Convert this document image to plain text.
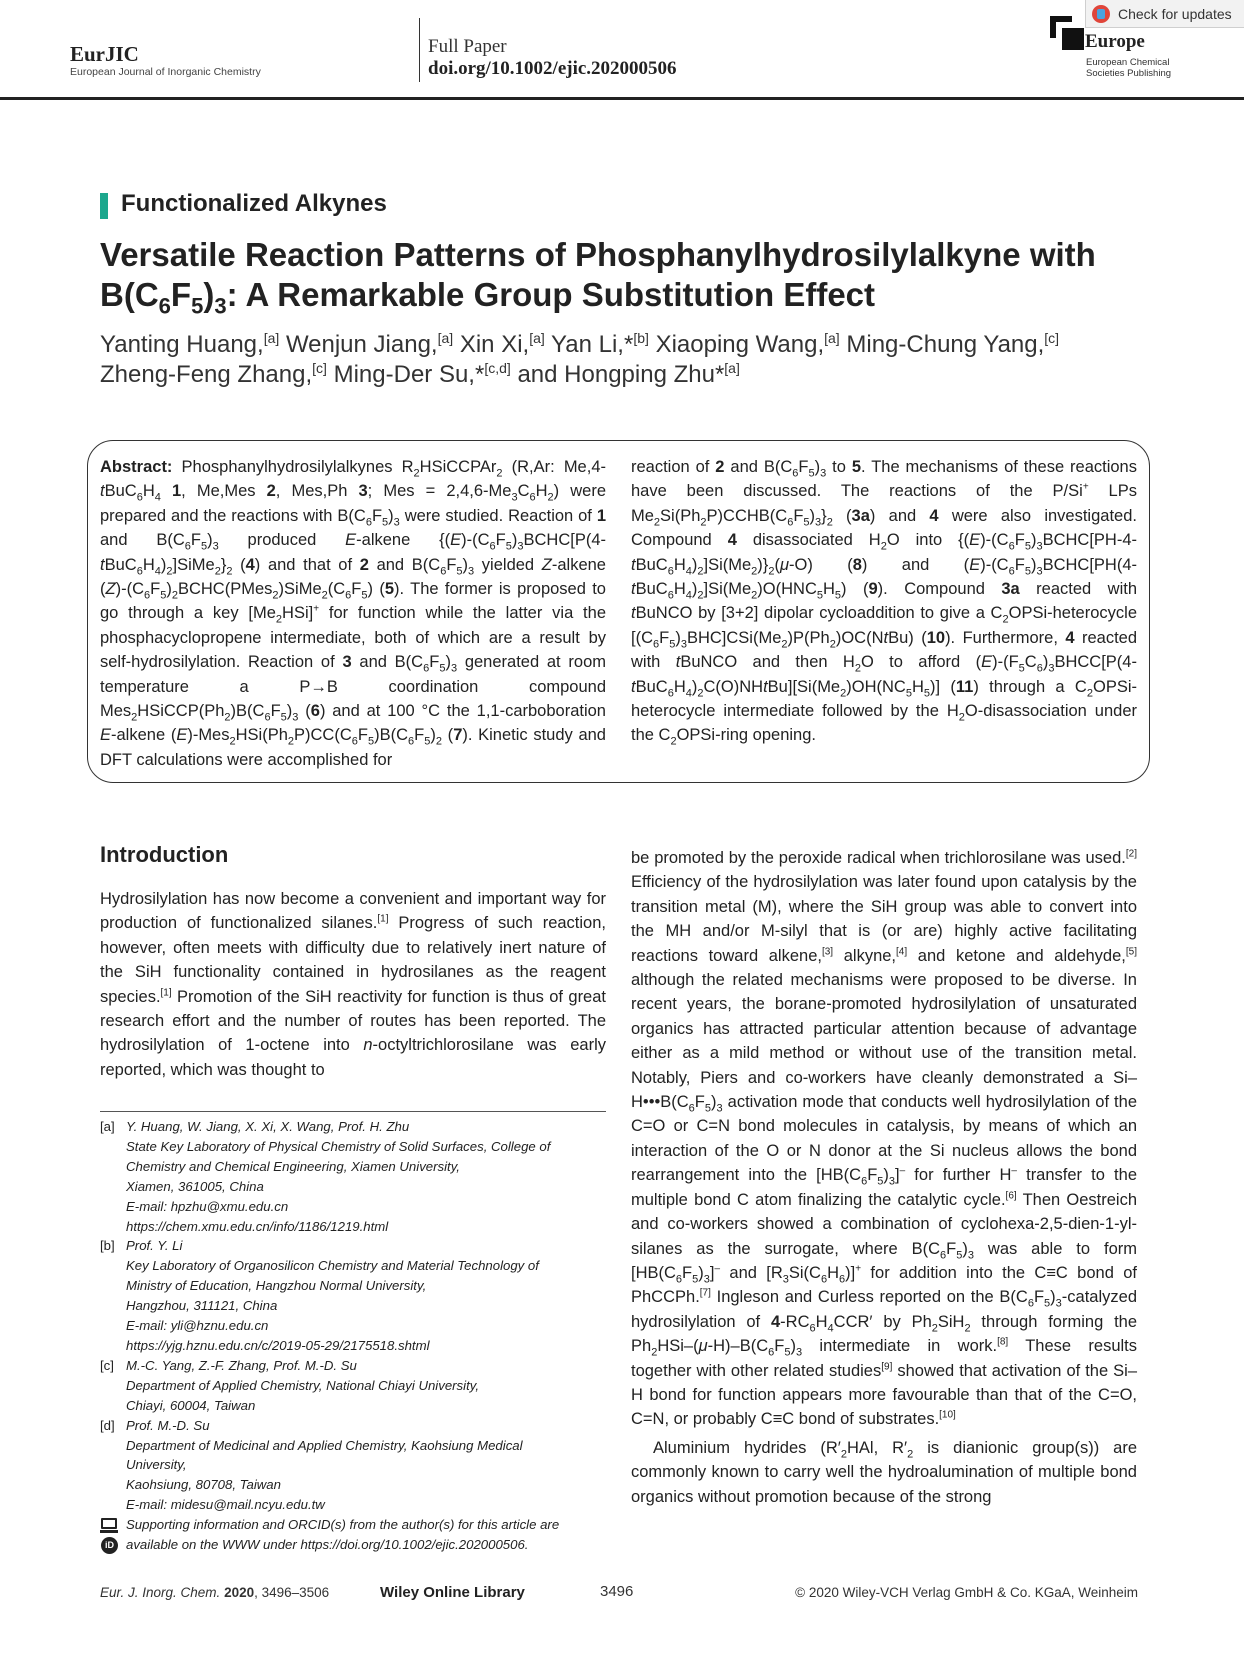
EurJIC
European Journal of Inorganic Chemistry
Full Paper
doi.org/10.1002/ejic.202000506
Europe
European Chemical
Societies Publishing
Check for updates
Functionalized Alkynes
Versatile Reaction Patterns of Phosphanylhydrosilylalkyne with
$B(C_6F_5)_3$: A Remarkable Group Substitution Effect
Yanting Huang,[a] Wenjun Jiang,[a] Xin Xi,[a] Yan Li,*[b] Xiaoping Wang,[a] Ming-Chung Yang,[c] Zheng-Feng Zhang,[c] Ming-Der Su,*[c,d] and Hongping Zhu*[a]
Abstract: Phosphanylhydrosilylalkynes $R_2HSiCCPAr_2$ (R,Ar: $Me,4-tBuC_6H_4$ 1, Me,Mes 2, Mes,Ph 3; Mes = $2,4,6-Me_3C_6H_2$) were prepared and the reactions with $B(C_6F_5)_3$ were studied. Reaction of 1 and $B(C_6F_5)_3$ produced E-alkene $\{(E)-(C_6F_5)_3BCHC[P(4-tBuC_6H_4)_2]SiMe_2\}_2$ (4) and that of 2 and $B(C_6F_5)_3$ yielded Z-alkene $(Z)-(C_6F_5)_2BCHC(PMes_2)SiMe_2(C_6F_5)$ (5). The former is proposed to go through a key $[Me_2HSi]^+$ for function while the latter via the phosphacyclopropene intermediate, both of which are a result by self-hydrosilylation. Reaction of 3 and $B(C_6F_5)_3$ generated at room temperature a P→B coordination compound $Mes_2HSiCCP(Ph_2)B(C_6F_5)_3$ (6) and at 100 °C the 1,1-carboboration E-alkene $(E)-Mes_2HSi(Ph_2P)CC(C_6F_5)B(C_6F_5)_2$ (7). Kinetic study and DFT calculations were accomplished for
reaction of 2 and $B(C_6F_5)_3$ to 5. The mechanisms of these reactions have been discussed. The reactions of the P/Si+ LPs $Me_2Si(Ph_2P)CCHB(C_6F_5)_3\}_2$ (3a) and 4 were also investigated. Compound 4 disassociated $H_2O$ into $\{(E)-(C_6F_5)_3BCHC[PH-4-tBuC_6H_4)_2]Si(Me_2)\}_2(\mu-O)$ (8) and $(E)-(C_6F_5)_3BCHC[PH(4-tBuC_6H_4)_2]Si(Me_2)O(HNC_5H_5)$ (9). Compound 3a reacted with tBuNCO by [3+2] dipolar cycloaddition to give a $C_2OPSi$-heterocycle $[(C_6F_5)_3BHC]CSi(Me_2)P(Ph_2)OC(NtBu)$ (10). Furthermore, 4 reacted with tBuNCO and then $H_2O$ to afford $(E)-(F_5C_6)_3BHCC[P(4-tBuC_6H_4)_2C(O)NHtBu][Si(Me_2)OH(NC_5H_5)]$ (11) through a $C_2OPSi$-heterocycle intermediate followed by the $H_2O$-disassociation under the $C_2OPSi$-ring opening.
Introduction
Hydrosilylation has now become a convenient and important way for production of functionalized silanes.[1] Progress of such reaction, however, often meets with difficulty due to relatively inert nature of the SiH functionality contained in hydrosilanes as the reagent species.[1] Promotion of the SiH reactivity for function is thus of great research effort and the number of routes has been reported. The hydrosilylation of 1-octene into n-octyltrichlorosilane was early reported, which was thought to

be promoted by the peroxide radical when trichlorosilane was used.[2] Efficiency of the hydrosilylation was later found upon catalysis by the transition metal (M), where the SiH group was able to convert into the MH and/or M-silyl that is (or are) highly active facilitating reactions toward alkene,[3] alkyne,[4] and ketone and aldehyde,[5] although the related mechanisms were proposed to be diverse. In recent years, the borane-promoted hydrosilylation of unsaturated organics has attracted particular attention because of advantage either as a mild method or without use of the transition metal. Notably, Piers and co-workers have cleanly demonstrated a $Si-H•••B(C_6F_5)_3$ activation mode that conducts well hydrosilylation of the C=O or C=N bond molecules in catalysis, by means of which an interaction of the O or N donor at the Si nucleus allows the bond rearrangement into the $[HB(C_6F_5)_3]^-$ for further H– transfer to the multiple bond C atom finalizing the catalytic cycle.[6] Then Oestreich and co-workers showed a combination of cyclohexa-2,5-dien-1-yl-silanes as the surrogate, where $B(C_6F_5)_3$ was able to form $[HB(C_6F_5)_3]^-$ and $[R_3Si(C_6H_6)]^+$ for addition into the C≡C bond of PhCCPh.[7] Ingleson and Curless reported on the $B(C_6F_5)_3$-catalyzed hydrosilylation of $4-RC_6H_4CCR'$ by $Ph_2SiH_2$ through forming the $Ph_2HSi-(\mu-H)-B(C_6F_5)_3$ intermediate in work.[8] These results together with other related studies[9] showed that activation of the Si–H bond for function appears more favourable than that of the C=O, C=N, or probably C≡C bond of substrates.[10]

Aluminium hydrides ($R'_2HAl$, $R'_2$ is dianionic group(s)) are commonly known to carry well the hydroalumination of multiple bond organics without promotion because of the strong

[a] Y. Huang, W. Jiang, X. Xi, X. Wang, Prof. H. Zhu
State Key Laboratory of Physical Chemistry of Solid Surfaces, College of
Chemistry and Chemical Engineering, Xiamen University,
Xiamen, 361005, China
E-mail: hpzhu@xmu.edu.cn
https://chem.xmu.edu.cn/info/1186/1219.html
[b] Prof. Y. Li
Key Laboratory of Organosilicon Chemistry and Material Technology of
Ministry of Education, Hangzhou Normal University,
Hangzhou, 311121, China
E-mail: yli@hznu.edu.cn
https://yjg.hznu.edu.cn/c/2019-05-29/2175518.shtml
[c] M.-C. Yang, Z.-F. Zhang, Prof. M.-D. Su
Department of Applied Chemistry, National Chiayi University,
Chiayi, 60004, Taiwan
[d] Prof. M.-D. Su
Department of Medicinal and Applied Chemistry, Kaohsiung Medical
University,
Kaohsiung, 80708, Taiwan
E-mail: midesu@mail.ncyu.edu.tw
iD
Supporting information and ORCID(s) from the author(s) for this article are
available on the WWW under https://doi.org/10.1002/ejic.202000506.
Eur. J. Inorg. Chem. 2020, 3496–3506	Wiley Online Library	3496	© 2020 Wiley-VCH Verlag GmbH & Co. KGaA, Weinheim
